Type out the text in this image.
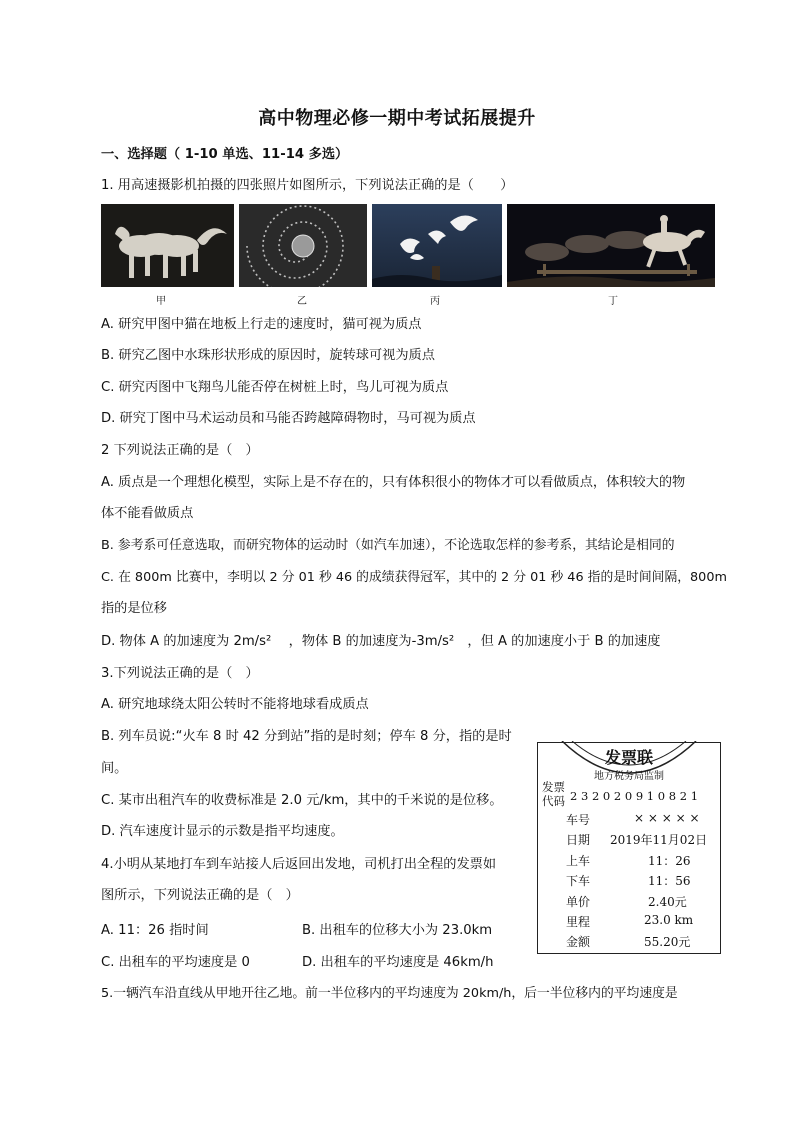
高中物理必修一期中考试拓展提升
一、选择题（ 1-10 单选、11-14 多选）
1. 用高速摄影机拍摄的四张照片如图所示，下列说法正确的是（　　）
甲	乙	丙	丁
A. 研究甲图中猫在地板上行走的速度时，猫可视为质点
B. 研究乙图中水珠形状形成的原因时，旋转球可视为质点
C. 研究丙图中飞翔鸟儿能否停在树桩上时，鸟儿可视为质点
D. 研究丁图中马术运动员和马能否跨越障碍物时，马可视为质点
2 下列说法正确的是（　）
A. 质点是一个理想化模型，实际上是不存在的，只有体积很小的物体才可以看做质点，体积较大的物
体不能看做质点
B. 参考系可任意选取，而研究物体的运动时（如汽车加速），不论选取怎样的参考系，其结论是相同的
C. 在 800m 比赛中，李明以 2 分 01 秒 46 的成绩获得冠军，其中的 2 分 01 秒 46 指的是时间间隔，800m
指的是位移
D. 物体 A 的加速度为 2m/s²　 ，物体 B 的加速度为-3m/s²　，但 A 的加速度小于 B 的加速度
3.下列说法正确的是（　）
A. 研究地球绕太阳公转时不能将地球看成质点
B. 列车员说:“火车 8 时 42 分到站”指的是时刻；停车 8 分，指的是时
间。
C. 某市出租汽车的收费标准是 2.0 元/km，其中的千米说的是位移。
D. 汽车速度计显示的示数是指平均速度。
4.小明从某地打车到车站接人后返回出发地，司机打出全程的发票如
图所示，下列说法正确的是（　）
A. 11：26 指时间	B. 出租车的位移大小为 23.0km
C. 出租车的平均速度是 0	D. 出租车的平均速度是 46km/h
5.一辆汽车沿直线从甲地开往乙地。前一半位移内的平均速度为 20km/h，后一半位移内的平均速度是
发票联
地方税务局监制
发票
代码 2 3 2 0 2 0 9 1 0 8 2 1
车号	× × × × ×
日期 2019年11月02日
上车	11：26
下车	11：56
单价	2.40元
里程	23.0 km
金额	55.20元
